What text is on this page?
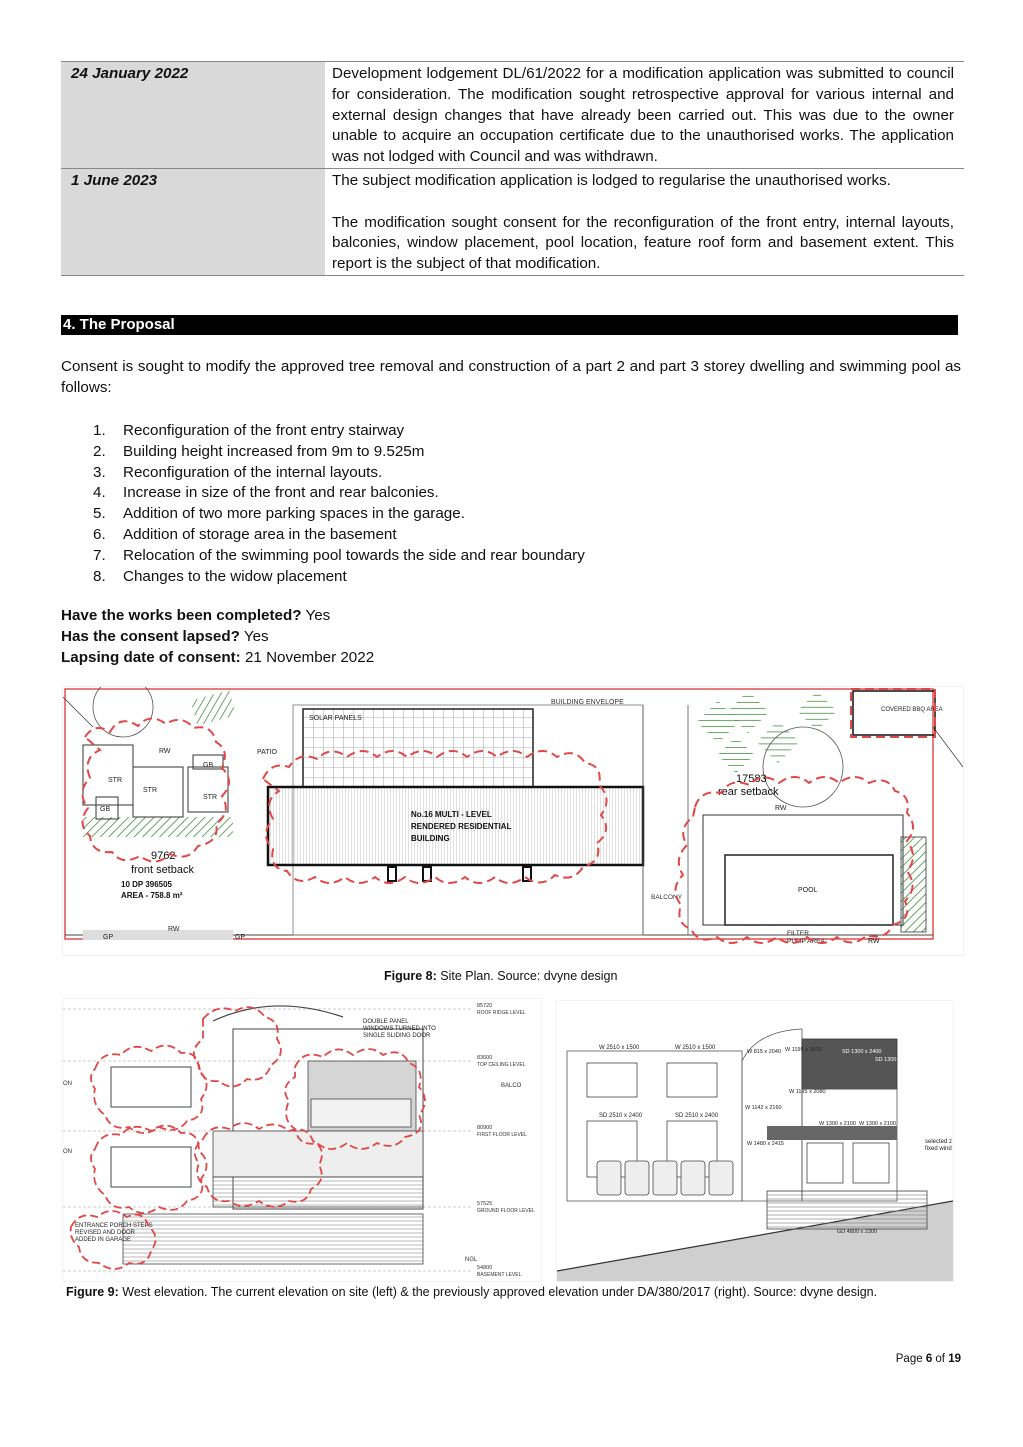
24 January 2022	Development lodgement DL/61/2022 for a modification application was submitted to council for consideration. The modification sought retrospective approval for various internal and external design changes that have already been carried out. This was due to the owner unable to acquire an occupation certificate due to the unauthorised works. The application was not lodged with Council and was withdrawn.

1 June 2023	The subject modification application is lodged to regularise the unauthorised works.

The modification sought consent for the reconfiguration of the front entry, internal layouts, balconies, window placement, pool location, feature roof form and basement extent. This report is the subject of that modification.

4. The Proposal

Consent is sought to modify the approved tree removal and construction of a part 2 and part 3 storey dwelling and swimming pool as follows:

1.	Reconfiguration of the front entry stairway
2.	Building height increased from 9m to 9.525m
3.	Reconfiguration of the internal layouts.
4.	Increase in size of the front and rear balconies.
5.	Addition of two more parking spaces in the garage.
6.	Addition of storage area in the basement
7.	Relocation of the swimming pool towards the side and rear boundary
8.	Changes to the widow placement
Have the works been completed? Yes
Has the consent lapsed? Yes
Lapsing date of consent: 21 November 2022
STR
STR
STR
GB
GB
RW	PATIO
9762
front setback
10 DP 396505
AREA - 758.8 m²
GP
RW
GP
BUILDING ENVELOPE
SOLAR PANELS
No.16 MULTI - LEVEL
RENDERED RESIDENTIAL
BUILDING
BALCONY
17583
rear setback
RW
POOL
FILTER
PUMP AREA	RW
COVERED BBQ AREA
Figure 8: Site Plan. Source: dvyne design
85720
ROOF RIDGE LEVEL
83600
TOP CEILING LEVEL
80900
FIRST FLOOR LEVEL
57525
GROUND FLOOR LEVEL
54800
BASEMENT LEVEL
ON
ON
BALCO
NGL
DOUBLE PANEL
WINDOWS TURNED INTO
SINGLE SLIDING DOOR
ENTRANCE PORCH STEPS
REVISED AND DOOR
ADDED IN GARAGE
W 2510 x 1500	W 2510 x 1500
W 815 x 2040 W 1195 x 1870	SD 1300 x 2400
SD 1300 x 2400
W 1195 x 2080
SD 2510 x 2400	SD 2510 x 2400
W 1142 x 2160
W 1300 x 2100 W 1300 x 2100
W 1480 x 2415
GD 4800 x 2300
selected z
fixed wind
Figure 9: West elevation. The current elevation on site (left) & the previously approved elevation under DA/380/2017 (right). Source: dvyne design.
Page 6 of 19
